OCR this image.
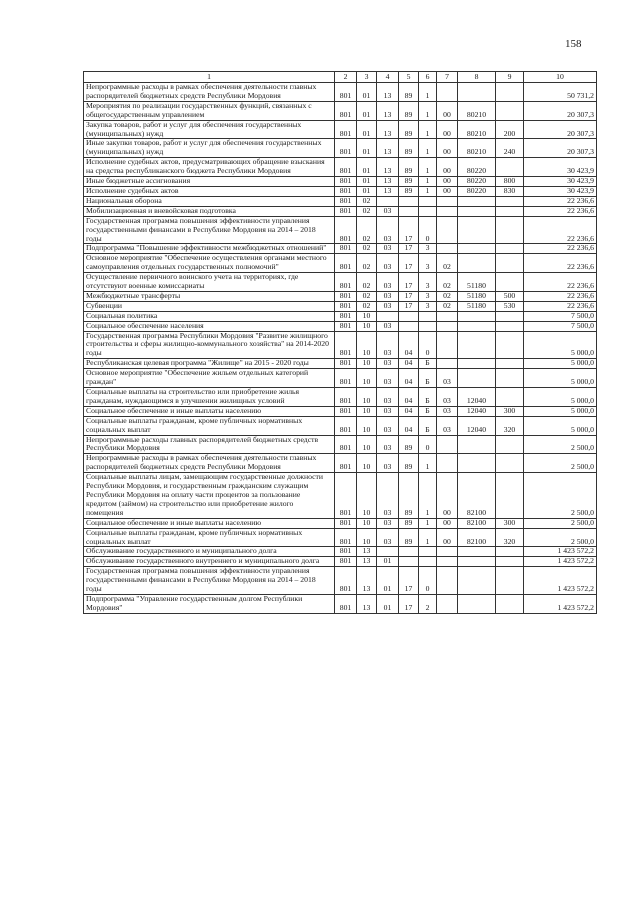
158
1	2	3	4	5	6	7	8	9	10
Непрограммные расходы в рамках обеспечения деятельности главных распорядителей бюджетных средств Республики Мордовия	801	01	13	89	1				50 731,2
Мероприятия по реализации государственных функций, связанных с общегосударственным управлением	801	01	13	89	1	00	80210		20 307,3
Закупка товаров, работ и услуг для обеспечения государственных (муниципальных) нужд	801	01	13	89	1	00	80210	200	20 307,3
Иные закупки товаров, работ и услуг для обеспечения государственных (муниципальных) нужд	801	01	13	89	1	00	80210	240	20 307,3
Исполнение судебных актов, предусматривающих обращение взыскания на средства республиканского бюджета Республики Мордовия	801	01	13	89	1	00	80220		30 423,9
Иные бюджетные ассигнования	801	01	13	89	1	00	80220	800	30 423,9
Исполнение судебных актов	801	01	13	89	1	00	80220	830	30 423,9
Национальная оборона	801	02							22 236,6
Мобилизационная и вневойсковая подготовка	801	02	03						22 236,6
Государственная программа повышения эффективности управления государственными финансами в Республике Мордовия на 2014 – 2018 годы	801	02	03	17	0				22 236,6
Подпрограмма "Повышение эффективности межбюджетных отношений"	801	02	03	17	3				22 236,6
Основное мероприятие "Обеспечение осуществления органами местного самоуправления отдельных государственных полномочий"	801	02	03	17	3	02			22 236,6
Осуществление первичного воинского учета на территориях, где отсутствуют военные комиссариаты	801	02	03	17	3	02	51180		22 236,6
Межбюджетные трансферты	801	02	03	17	3	02	51180	500	22 236,6
Субвенции	801	02	03	17	3	02	51180	530	22 236,6
Социальная политика	801	10							7 500,0
Социальное обеспечение населения	801	10	03						7 500,0
Государственная программа Республики Мордовия "Развитие жилищного строительства и сферы жилищно-коммунального хозяйства" на 2014-2020 годы	801	10	03	04	0				5 000,0
Республиканская целевая программа "Жилище" на 2015 - 2020 годы	801	10	03	04	Б				5 000,0
Основное мероприятие "Обеспечение жильем отдельных категорий граждан"	801	10	03	04	Б	03			5 000,0
Социальные выплаты на строительство или приобретение жилья гражданам, нуждающимся в улучшении жилищных условий	801	10	03	04	Б	03	12040		5 000,0
Социальное обеспечение и иные выплаты населению	801	10	03	04	Б	03	12040	300	5 000,0
Социальные выплаты гражданам, кроме публичных нормативных социальных выплат	801	10	03	04	Б	03	12040	320	5 000,0
Непрограммные расходы главных распорядителей бюджетных средств Республики Мордовия	801	10	03	89	0				2 500,0
Непрограммные расходы в рамках обеспечения деятельности главных распорядителей бюджетных средств Республики Мордовия	801	10	03	89	1				2 500,0
Социальные выплаты лицам, замещающим государственные должности Республики Мордовия, и государственным гражданским служащим Республики Мордовия на оплату части процентов за пользование кредитом (займом) на строительство или приобретение жилого помещения	801	10	03	89	1	00	82100		2 500,0
Социальное обеспечение и иные выплаты населению	801	10	03	89	1	00	82100	300	2 500,0
Социальные выплаты гражданам, кроме публичных нормативных социальных выплат	801	10	03	89	1	00	82100	320	2 500,0
Обслуживание государственного и муниципального долга	801	13							1 423 572,2
Обслуживание государственного внутреннего и муниципального долга	801	13	01						1 423 572,2
Государственная программа повышения эффективности управления государственными финансами в Республике Мордовия на 2014 – 2018 годы	801	13	01	17	0				1 423 572,2
Подпрограмма "Управление государственным долгом Республики Мордовия"	801	13	01	17	2				1 423 572,2
